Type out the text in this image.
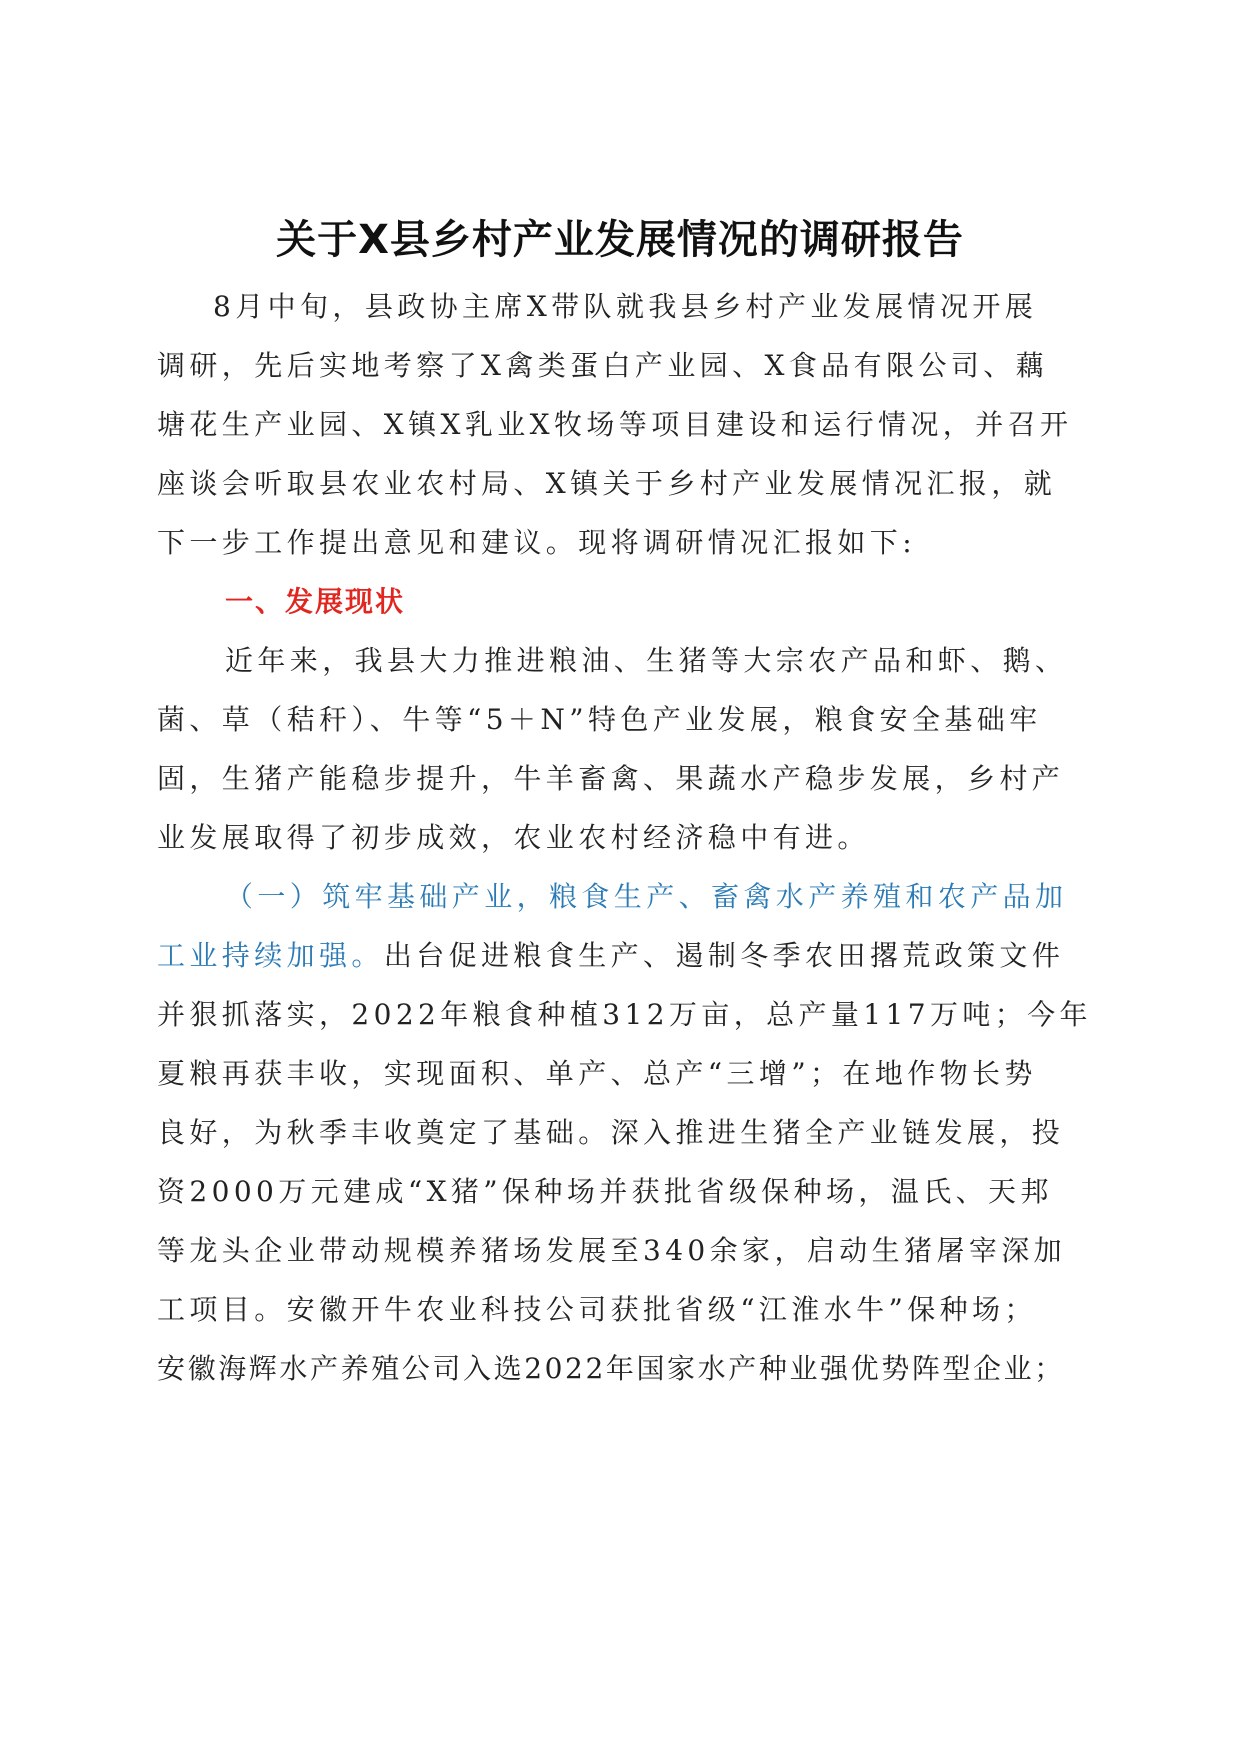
关于X县乡村产业发展情况的调研报告
8月中旬，县政协主席X带队就我县乡村产业发展情况开展
调研，先后实地考察了X禽类蛋白产业园、X食品有限公司、藕
塘花生产业园、X镇X乳业X牧场等项目建设和运行情况，并召开
座谈会听取县农业农村局、X镇关于乡村产业发展情况汇报，就
下一步工作提出意见和建议。现将调研情况汇报如下:
一、发展现状
近年来，我县大力推进粮油、生猪等大宗农产品和虾、鹅、
菌、草（秸秆）、牛等“5＋N”特色产业发展，粮食安全基础牢
固，生猪产能稳步提升，牛羊畜禽、果蔬水产稳步发展，乡村产
业发展取得了初步成效，农业农村经济稳中有进。
（一）筑牢基础产业，粮食生产、畜禽水产养殖和农产品加
工业持续加强。出台促进粮食生产、遏制冬季农田撂荒政策文件
并狠抓落实，2022年粮食种植312万亩，总产量117万吨；今年
夏粮再获丰收，实现面积、单产、总产“三增”；在地作物长势
良好，为秋季丰收奠定了基础。深入推进生猪全产业链发展，投
资2000万元建成“X猪”保种场并获批省级保种场，温氏、天邦
等龙头企业带动规模养猪场发展至340余家，启动生猪屠宰深加
工项目。安徽开牛农业科技公司获批省级“江淮水牛”保种场；
安徽海辉水产养殖公司入选2022年国家水产种业强优势阵型企业；
